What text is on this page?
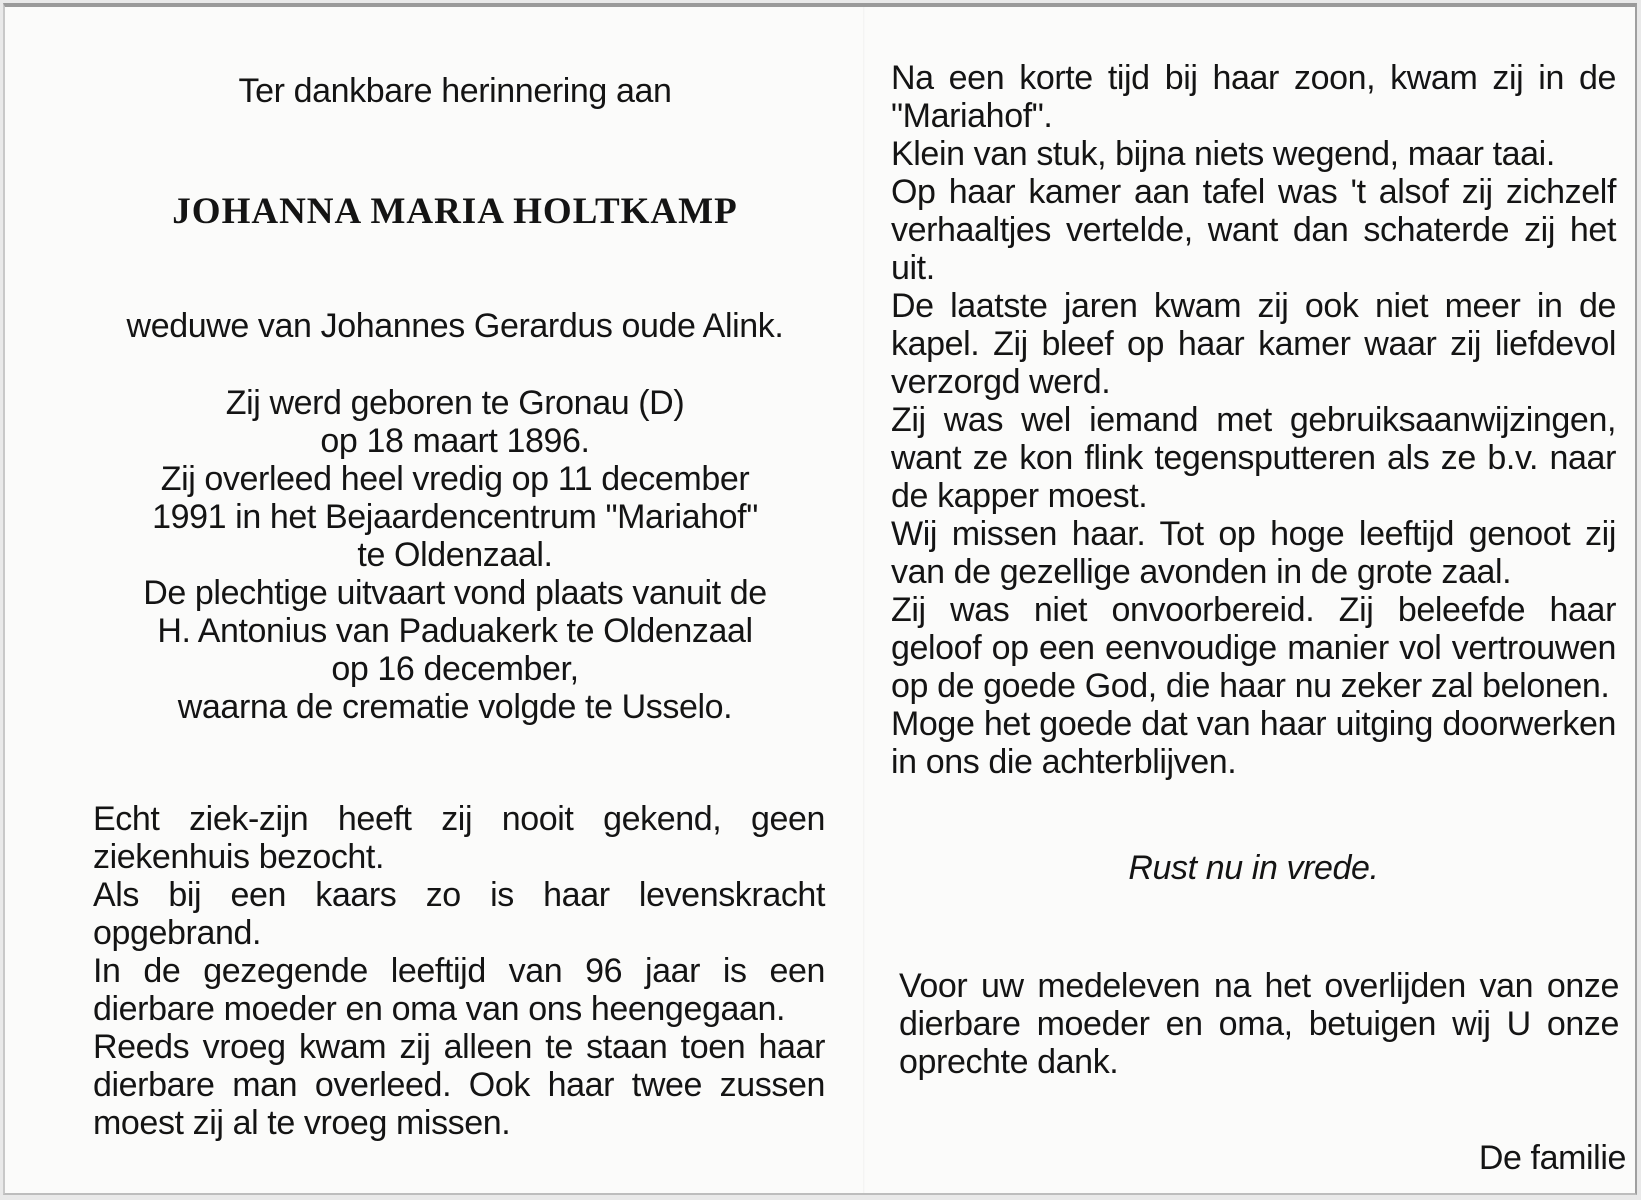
Ter dankbare herinnering aan

JOHANNA MARIA HOLTKAMP

weduwe van Johannes Gerardus oude Alink.

Zij werd geboren te Gronau (D)

op 18 maart 1896.

Zij overleed heel vredig op 11 december

1991 in het Bejaardencentrum "Mariahof"

te Oldenzaal.

De plechtige uitvaart vond plaats vanuit de

H. Antonius van Paduakerk te Oldenzaal

op 16 december,

waarna de crematie volgde te Usselo.

Echt ziek-zijn heeft zij nooit gekend, geen ziekenhuis bezocht.

Als bij een kaars zo is haar levenskracht opgebrand.

In de gezegende leeftijd van 96 jaar is een dierbare moeder en oma van ons heengegaan.

Reeds vroeg kwam zij alleen te staan toen haar dierbare man overleed. Ook haar twee zussen moest zij al te vroeg missen.

Na een korte tijd bij haar zoon, kwam zij in de "Mariahof".

Klein van stuk, bijna niets wegend, maar taai.

Op haar kamer aan tafel was 't alsof zij zichzelf verhaaltjes vertelde, want dan schaterde zij het uit.

De laatste jaren kwam zij ook niet meer in de kapel. Zij bleef op haar kamer waar zij liefdevol verzorgd werd.

Zij was wel iemand met gebruiksaanwijzingen, want ze kon flink tegensputteren als ze b.v. naar de kapper moest.

Wij missen haar. Tot op hoge leeftijd genoot zij van de gezellige avonden in de grote zaal.

Zij was niet onvoorbereid. Zij beleefde haar geloof op een eenvoudige manier vol vertrouwen op de goede God, die haar nu zeker zal belonen.

Moge het goede dat van haar uitging doorwerken in ons die achterblijven.

Rust nu in vrede.

Voor uw medeleven na het overlijden van onze dierbare moeder en oma, betuigen wij U onze oprechte dank.

De familie
